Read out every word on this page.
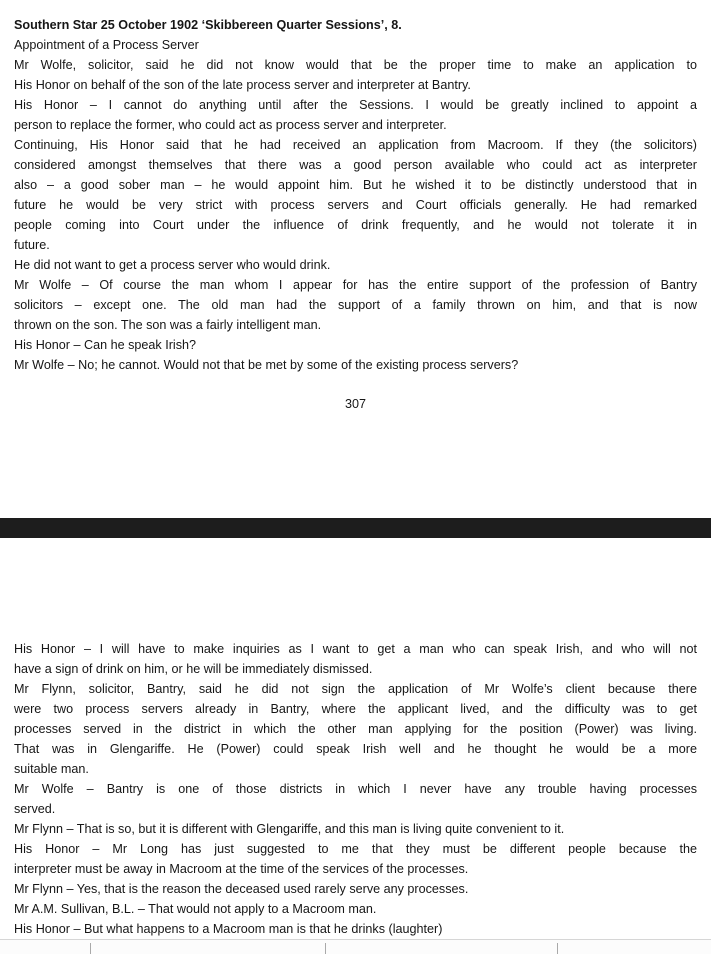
Southern Star 25 October 1902 ‘Skibbereen Quarter Sessions’, 8.
Appointment of a Process Server
Mr Wolfe, solicitor, said he did not know would that be the proper time to make an application to
His Honor on behalf of the son of the late process server and interpreter at Bantry.
His Honor – I cannot do anything until after the Sessions. I would be greatly inclined to appoint a
person to replace the former, who could act as process server and interpreter.
Continuing, His Honor said that he had received an application from Macroom. If they (the solicitors)
considered amongst themselves that there was a good person available who could act as interpreter
also – a good sober man – he would appoint him. But he wished it to be distinctly understood that in
future he would be very strict with process servers and Court officials generally. He had remarked
people coming into Court under the influence of drink frequently, and he would not tolerate it in
future.
He did not want to get a process server who would drink.
Mr Wolfe – Of course the man whom I appear for has the entire support of the profession of Bantry
solicitors – except one. The old man had the support of a family thrown on him, and that is now
thrown on the son. The son was a fairly intelligent man.
His Honor – Can he speak Irish?
Mr Wolfe – No; he cannot. Would not that be met by some of the existing process servers?
307
His Honor – I will have to make inquiries as I want to get a man who can speak Irish, and who will not
have a sign of drink on him, or he will be immediately dismissed.
Mr Flynn, solicitor, Bantry, said he did not sign the application of Mr Wolfe’s client because there
were two process servers already in Bantry, where the applicant lived, and the difficulty was to get
processes served in the district in which the other man applying for the position (Power) was living.
That was in Glengariffe. He (Power) could speak Irish well and he thought he would be a more
suitable man.
Mr Wolfe – Bantry is one of those districts in which I never have any trouble having processes
served.
Mr Flynn – That is so, but it is different with Glengariffe, and this man is living quite convenient to it.
His Honor – Mr Long has just suggested to me that they must be different people because the
interpreter must be away in Macroom at the time of the services of the processes.
Mr Flynn – Yes, that is the reason the deceased used rarely serve any processes.
Mr A.M. Sullivan, B.L. – That would not apply to a Macroom man.
His Honor – But what happens to a Macroom man is that he drinks (laughter)
